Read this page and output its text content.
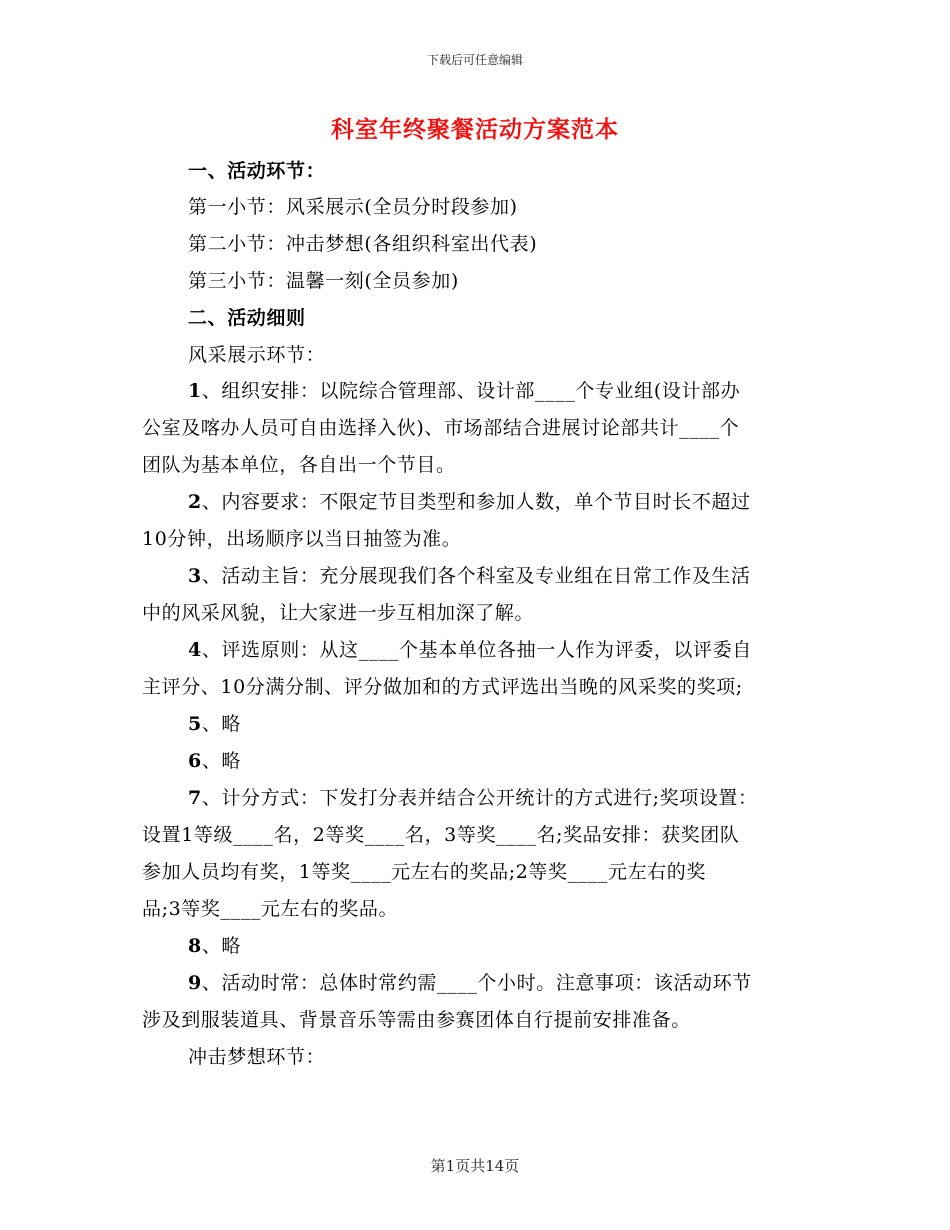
下载后可任意编辑
科室年终聚餐活动方案范本
一、活动环节：
第一小节：风采展示(全员分时段参加)
第二小节：冲击梦想(各组织科室出代表)
第三小节：温馨一刻(全员参加)
二、活动细则
风采展示环节：
1、组织安排：以院综合管理部、设计部____个专业组(设计部办
公室及喀办人员可自由选择入伙)、市场部结合进展讨论部共计____个
团队为基本单位，各自出一个节目。
2、内容要求：不限定节目类型和参加人数，单个节目时长不超过
10分钟，出场顺序以当日抽签为准。
3、活动主旨：充分展现我们各个科室及专业组在日常工作及生活
中的风采风貌，让大家进一步互相加深了解。
4、评选原则：从这____个基本单位各抽一人作为评委，以评委自
主评分、10分满分制、评分做加和的方式评选出当晚的风采奖的奖项;
5、略
6、略
7、计分方式：下发打分表并结合公开统计的方式进行;奖项设置：
设置1等级____名，2等奖____名，3等奖____名;奖品安排：获奖团队
参加人员均有奖，1等奖____元左右的奖品;2等奖____元左右的奖
品;3等奖____元左右的奖品。
8、略
9、活动时常：总体时常约需____个小时。注意事项：该活动环节
涉及到服装道具、背景音乐等需由参赛团体自行提前安排准备。
冲击梦想环节：
第1页共14页
